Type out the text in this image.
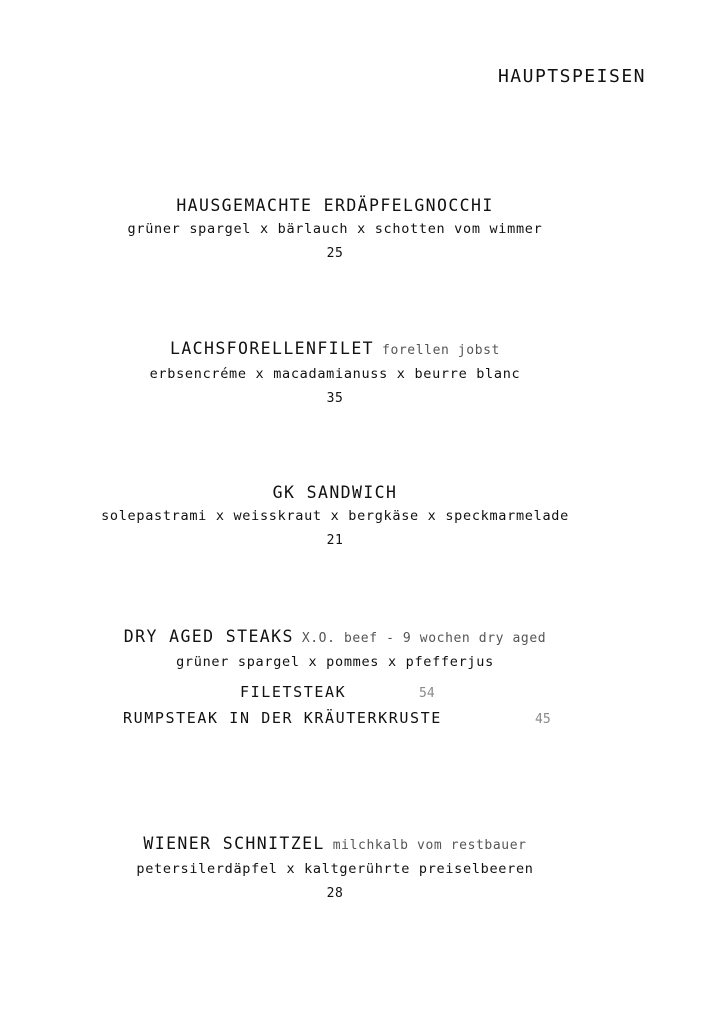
HAUPTSPEISEN
HAUSGEMACHTE ERDÄPFELGNOCCHI
grüner spargel x bärlauch x schotten vom wimmer
25
LACHSFORELLENFILET forellen jobst
erbsencréme x macadamianuss x beurre blanc
35
GK SANDWICH
solepastrami x weisskraut x bergkäse x speckmarmelade
21
DRY AGED STEAKS X.O. beef - 9 wochen dry aged
grüner spargel x pommes x pfefferjus
FILETSTEAK	54
RUMPSTEAK IN DER KRÄUTERKRUSTE	45
WIENER SCHNITZEL milchkalb vom restbauer
petersilerdäpfel x kaltgerührte preiselbeeren
28
